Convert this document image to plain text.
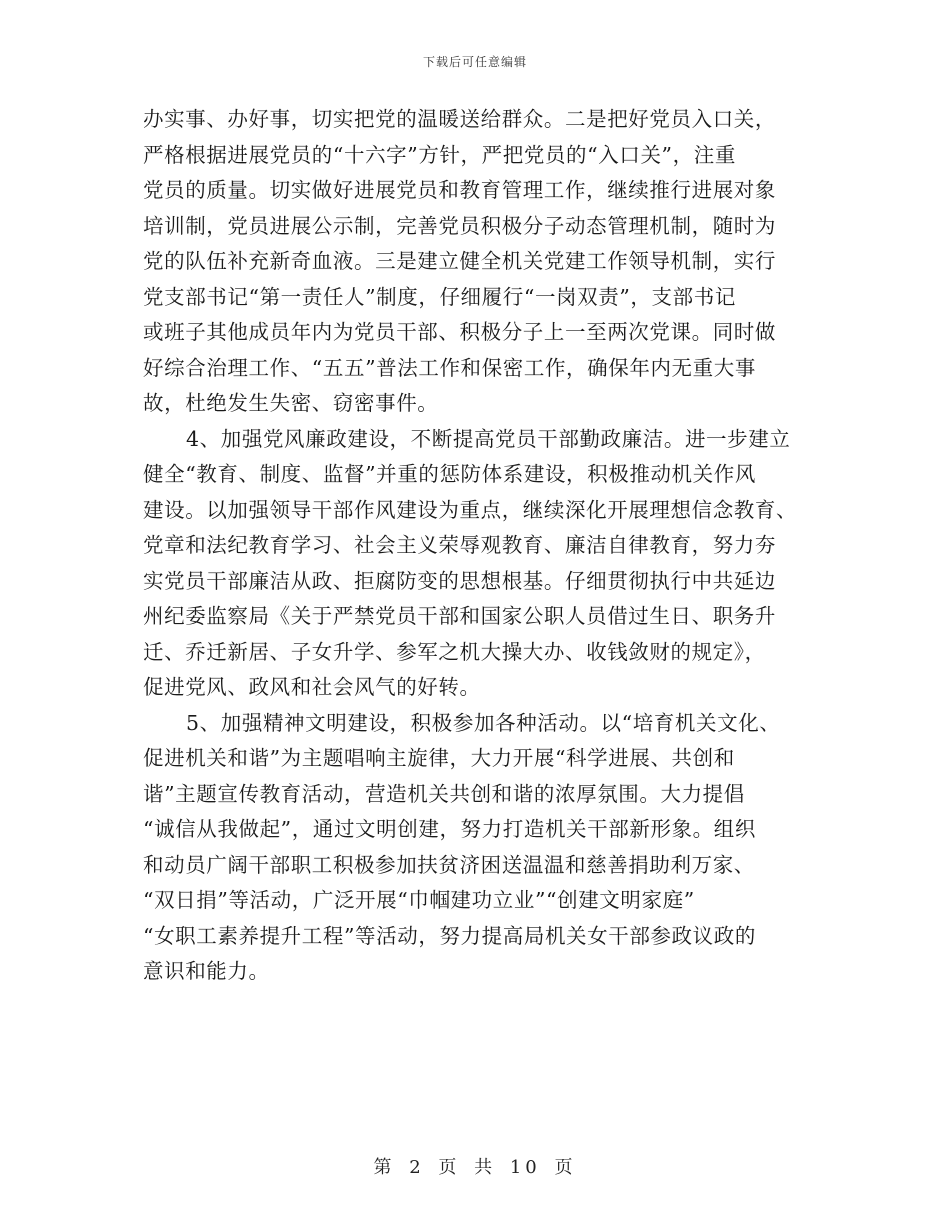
下载后可任意编辑
办实事、办好事，切实把党的温暖送给群众。二是把好党员入口关，
严格根据进展党员的“十六字”方针，严把党员的“入口关”，注重
党员的质量。切实做好进展党员和教育管理工作，继续推行进展对象
培训制，党员进展公示制，完善党员积极分子动态管理机制，随时为
党的队伍补充新奇血液。三是建立健全机关党建工作领导机制，实行
党支部书记“第一责任人”制度，仔细履行“一岗双责”，支部书记
或班子其他成员年内为党员干部、积极分子上一至两次党课。同时做
好综合治理工作、“五五”普法工作和保密工作，确保年内无重大事
故，杜绝发生失密、窃密事件。
4、加强党风廉政建设，不断提高党员干部勤政廉洁。进一步建立
健全“教育、制度、监督”并重的惩防体系建设，积极推动机关作风
建设。以加强领导干部作风建设为重点，继续深化开展理想信念教育、
党章和法纪教育学习、社会主义荣辱观教育、廉洁自律教育，努力夯
实党员干部廉洁从政、拒腐防变的思想根基。仔细贯彻执行中共延边
州纪委监察局《关于严禁党员干部和国家公职人员借过生日、职务升
迁、乔迁新居、子女升学、参军之机大操大办、收钱敛财的规定》，
促进党风、政风和社会风气的好转。
5、加强精神文明建设，积极参加各种活动。以“培育机关文化、
促进机关和谐”为主题唱响主旋律，大力开展“科学进展、共创和
谐”主题宣传教育活动，营造机关共创和谐的浓厚氛围。大力提倡
“诚信从我做起”，通过文明创建，努力打造机关干部新形象。组织
和动员广阔干部职工积极参加扶贫济困送温温和慈善捐助利万家、
“双日捐”等活动，广泛开展“巾帼建功立业”“创建文明家庭”
“女职工素养提升工程”等活动，努力提高局机关女干部参政议政的
意识和能力。
第 2 页 共 10 页
